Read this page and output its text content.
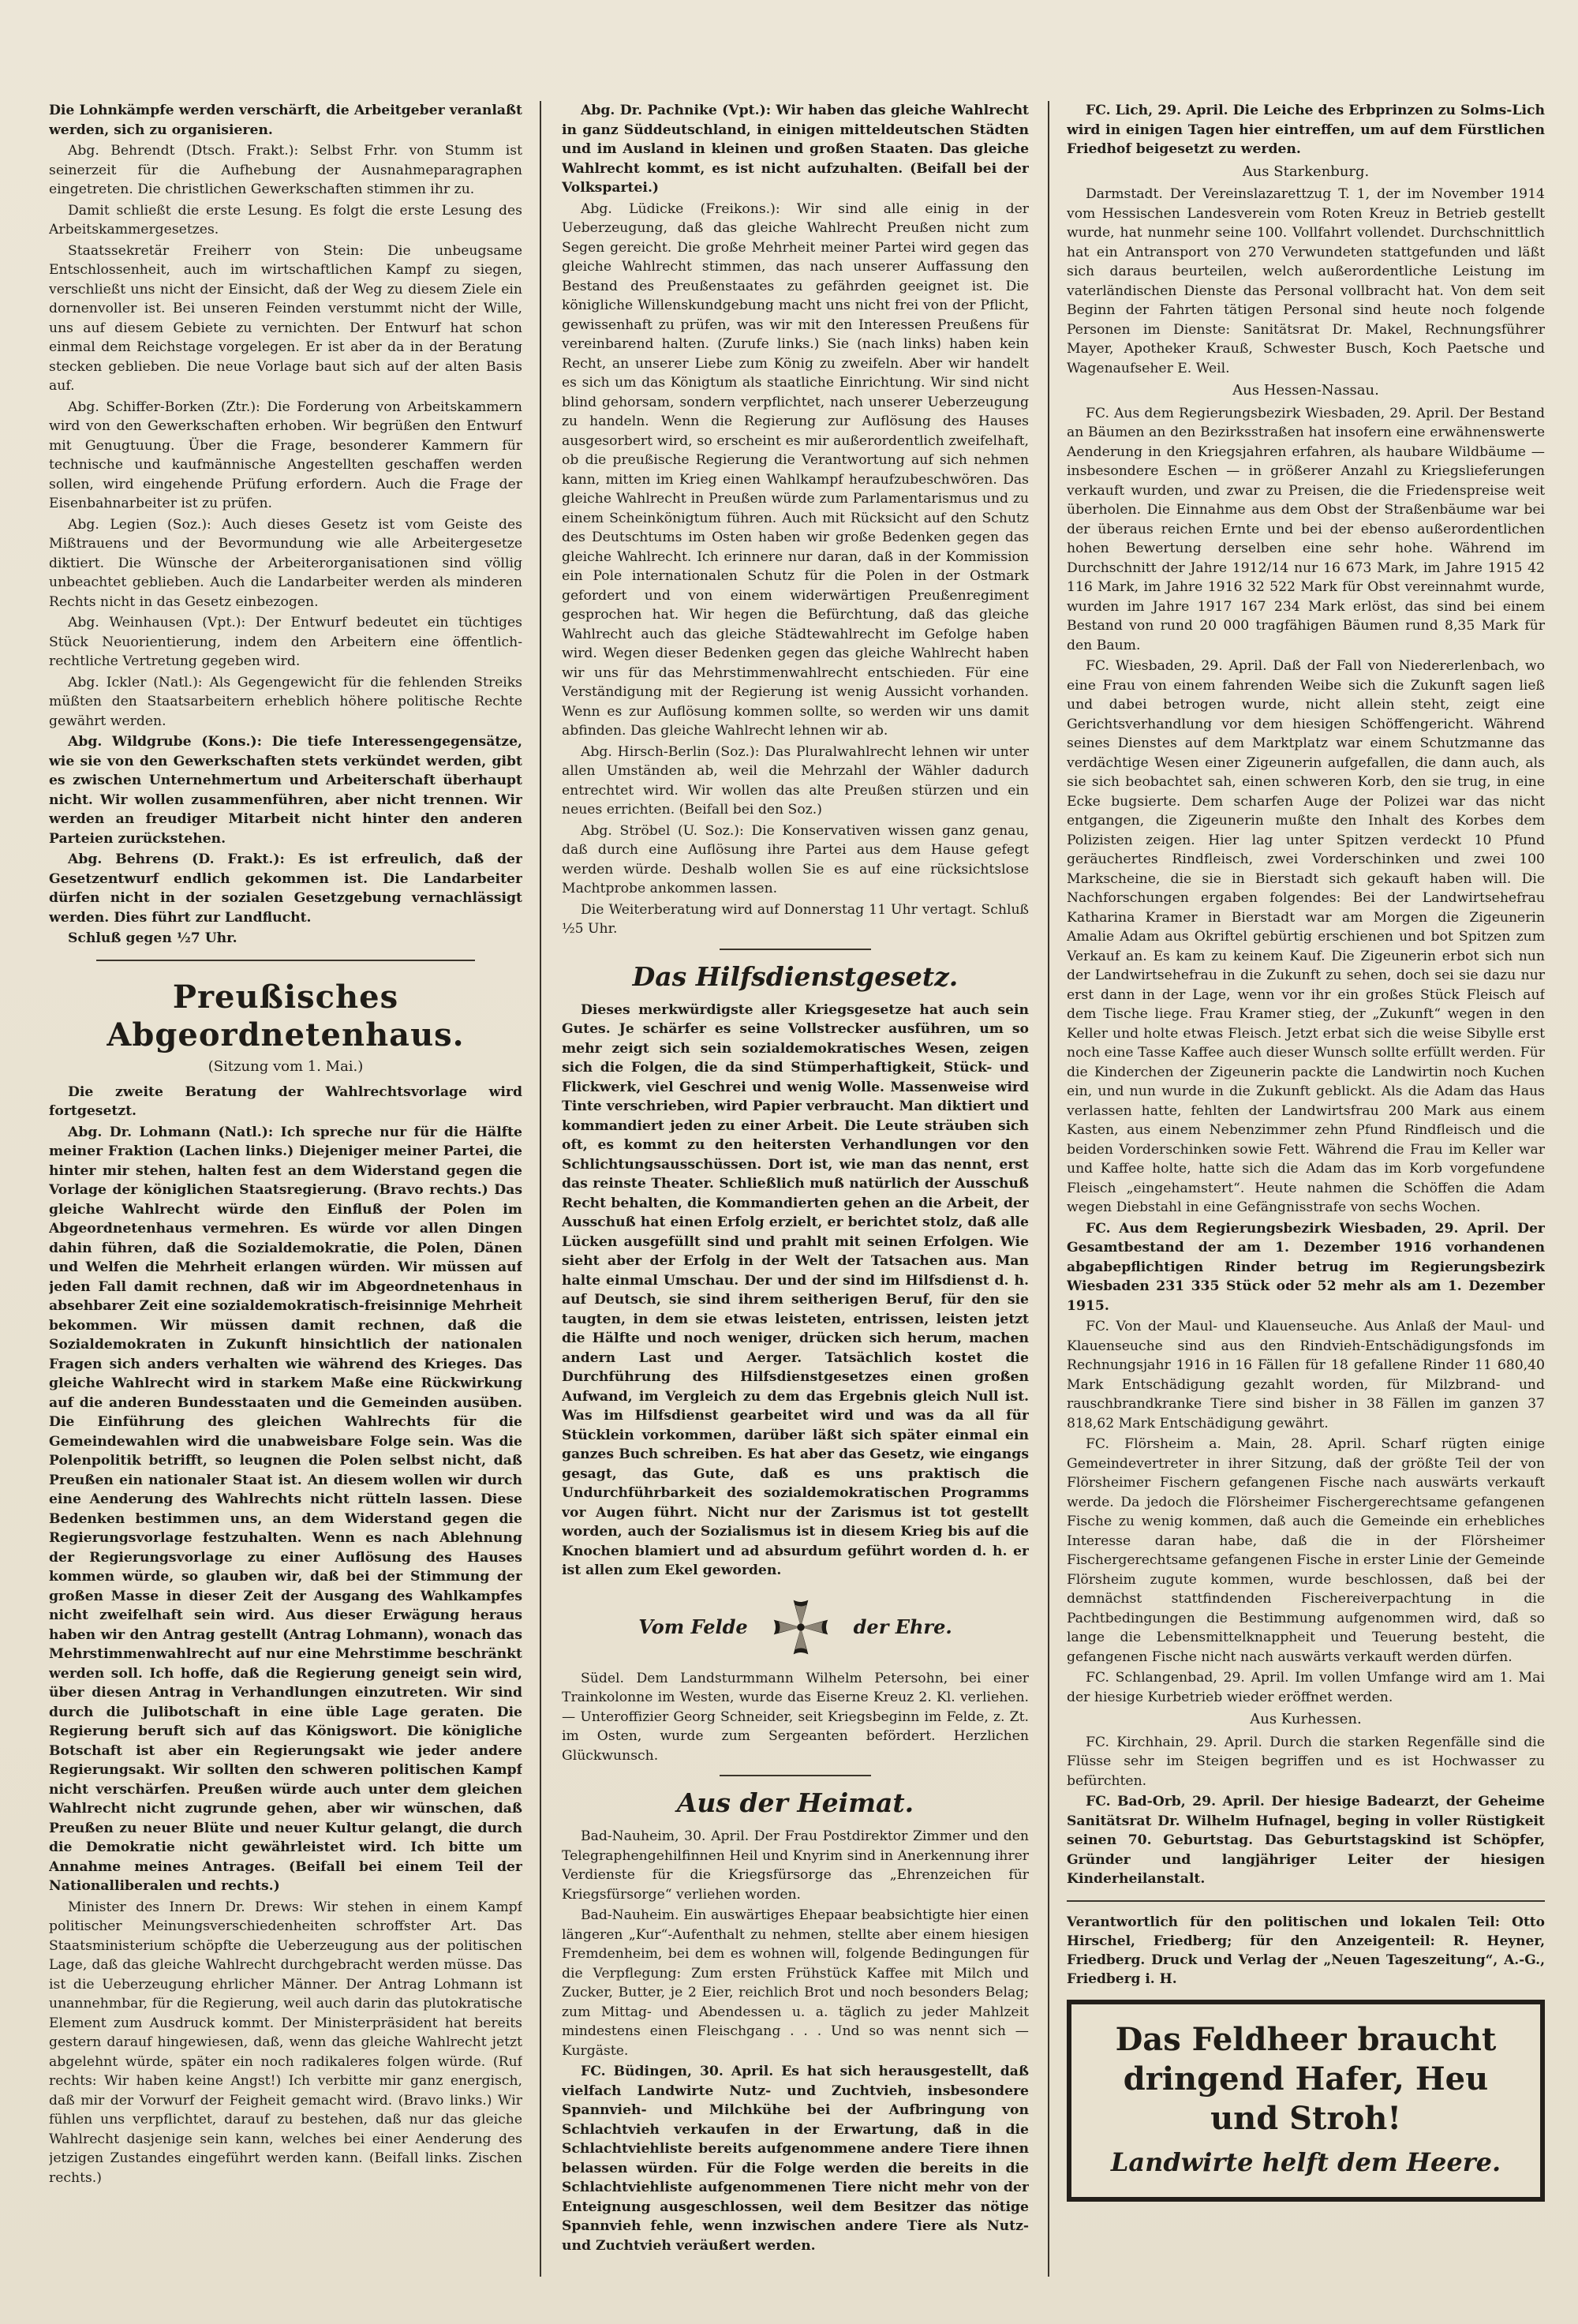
Die Lohnkämpfe werden verschärft, die Arbeitgeber veranlaßt werden, sich zu organisieren.

Abg. Behrendt (Dtsch. Frakt.): Selbst Frhr. von Stumm ist seinerzeit für die Aufhebung der Ausnahmeparagraphen eingetreten. Die christlichen Gewerkschaften stimmen ihr zu.

Damit schließt die erste Lesung. Es folgt die erste Lesung des Arbeitskammergesetzes.

Staatssekretär Freiherr von Stein: Die unbeugsame Entschlossenheit, auch im wirtschaftlichen Kampf zu siegen, verschließt uns nicht der Einsicht, daß der Weg zu diesem Ziele ein dornenvoller ist. Bei unseren Feinden verstummt nicht der Wille, uns auf diesem Gebiete zu vernichten. Der Entwurf hat schon einmal dem Reichstage vorgelegen. Er ist aber da in der Beratung stecken geblieben. Die neue Vorlage baut sich auf der alten Basis auf.

Abg. Schiffer-Borken (Ztr.): Die Forderung von Arbeitskammern wird von den Gewerkschaften erhoben. Wir begrüßen den Entwurf mit Genugtuung. Über die Frage, besonderer Kammern für technische und kaufmännische Angestellten geschaffen werden sollen, wird eingehende Prüfung erfordern. Auch die Frage der Eisenbahnarbeiter ist zu prüfen.

Abg. Legien (Soz.): Auch dieses Gesetz ist vom Geiste des Mißtrauens und der Bevormundung wie alle Arbeitergesetze diktiert. Die Wünsche der Arbeiterorganisationen sind völlig unbeachtet geblieben. Auch die Landarbeiter werden als minderen Rechts nicht in das Gesetz einbezogen.

Abg. Weinhausen (Vpt.): Der Entwurf bedeutet ein tüchtiges Stück Neuorientierung, indem den Arbeitern eine öffentlich-rechtliche Vertretung gegeben wird.

Abg. Ickler (Natl.): Als Gegengewicht für die fehlenden Streiks müßten den Staatsarbeitern erheblich höhere politische Rechte gewährt werden.

Abg. Wildgrube (Kons.): Die tiefe Interessengegensätze, wie sie von den Gewerkschaften stets verkündet werden, gibt es zwischen Unternehmertum und Arbeiterschaft überhaupt nicht. Wir wollen zusammenführen, aber nicht trennen. Wir werden an freudiger Mitarbeit nicht hinter den anderen Parteien zurückstehen.

Abg. Behrens (D. Frakt.): Es ist erfreulich, daß der Gesetzentwurf endlich gekommen ist. Die Landarbeiter dürfen nicht in der sozialen Gesetzgebung vernachlässigt werden. Dies führt zur Landflucht.

Schluß gegen ½7 Uhr.

Preußisches Abgeordnetenhaus.

(Sitzung vom 1. Mai.)

Die zweite Beratung der Wahlrechtsvorlage wird fortgesetzt.

Abg. Dr. Lohmann (Natl.): Ich spreche nur für die Hälfte meiner Fraktion (Lachen links.) Diejeniger meiner Partei, die hinter mir stehen, halten fest an dem Widerstand gegen die Vorlage der königlichen Staatsregierung. (Bravo rechts.) Das gleiche Wahlrecht würde den Einfluß der Polen im Abgeordnetenhaus vermehren. Es würde vor allen Dingen dahin führen, daß die Sozialdemokratie, die Polen, Dänen und Welfen die Mehrheit erlangen würden. Wir müssen auf jeden Fall damit rechnen, daß wir im Abgeordnetenhaus in absehbarer Zeit eine sozialdemokratisch-freisinnige Mehrheit bekommen. Wir müssen damit rechnen, daß die Sozialdemokraten in Zukunft hinsichtlich der nationalen Fragen sich anders verhalten wie während des Krieges. Das gleiche Wahlrecht wird in starkem Maße eine Rückwirkung auf die anderen Bundesstaaten und die Gemeinden ausüben. Die Einführung des gleichen Wahlrechts für die Gemeindewahlen wird die unabweisbare Folge sein. Was die Polenpolitik betrifft, so leugnen die Polen selbst nicht, daß Preußen ein nationaler Staat ist. An diesem wollen wir durch eine Aenderung des Wahlrechts nicht rütteln lassen. Diese Bedenken bestimmen uns, an dem Widerstand gegen die Regierungsvorlage festzuhalten. Wenn es nach Ablehnung der Regierungsvorlage zu einer Auflösung des Hauses kommen würde, so glauben wir, daß bei der Stimmung der großen Masse in dieser Zeit der Ausgang des Wahlkampfes nicht zweifelhaft sein wird. Aus dieser Erwägung heraus haben wir den Antrag gestellt (Antrag Lohmann), wonach das Mehrstimmenwahlrecht auf nur eine Mehrstimme beschränkt werden soll. Ich hoffe, daß die Regierung geneigt sein wird, über diesen Antrag in Verhandlungen einzutreten. Wir sind durch die Julibotschaft in eine üble Lage geraten. Die Regierung beruft sich auf das Königswort. Die königliche Botschaft ist aber ein Regierungsakt wie jeder andere Regierungsakt. Wir sollten den schweren politischen Kampf nicht verschärfen. Preußen würde auch unter dem gleichen Wahlrecht nicht zugrunde gehen, aber wir wünschen, daß Preußen zu neuer Blüte und neuer Kultur gelangt, die durch die Demokratie nicht gewährleistet wird. Ich bitte um Annahme meines Antrages. (Beifall bei einem Teil der Nationalliberalen und rechts.)

Minister des Innern Dr. Drews: Wir stehen in einem Kampf politischer Meinungsverschiedenheiten schroffster Art. Das Staatsministerium schöpfte die Ueberzeugung aus der politischen Lage, daß das gleiche Wahlrecht durchgebracht werden müsse. Das ist die Ueberzeugung ehrlicher Männer. Der Antrag Lohmann ist unannehmbar, für die Regierung, weil auch darin das plutokratische Element zum Ausdruck kommt. Der Ministerpräsident hat bereits gestern darauf hingewiesen, daß, wenn das gleiche Wahlrecht jetzt abgelehnt würde, später ein noch radikaleres folgen würde. (Ruf rechts: Wir haben keine Angst!) Ich verbitte mir ganz energisch, daß mir der Vorwurf der Feigheit gemacht wird. (Bravo links.) Wir fühlen uns verpflichtet, darauf zu bestehen, daß nur das gleiche Wahlrecht dasjenige sein kann, welches bei einer Aenderung des jetzigen Zustandes eingeführt werden kann. (Beifall links. Zischen rechts.)

Abg. Dr. Pachnike (Vpt.): Wir haben das gleiche Wahlrecht in ganz Süddeutschland, in einigen mitteldeutschen Städten und im Ausland in kleinen und großen Staaten. Das gleiche Wahlrecht kommt, es ist nicht aufzuhalten. (Beifall bei der Volkspartei.)

Abg. Lüdicke (Freikons.): Wir sind alle einig in der Ueberzeugung, daß das gleiche Wahlrecht Preußen nicht zum Segen gereicht. Die große Mehrheit meiner Partei wird gegen das gleiche Wahlrecht stimmen, das nach unserer Auffassung den Bestand des Preußenstaates zu gefährden geeignet ist. Die königliche Willenskundgebung macht uns nicht frei von der Pflicht, gewissenhaft zu prüfen, was wir mit den Interessen Preußens für vereinbarend halten. (Zurufe links.) Sie (nach links) haben kein Recht, an unserer Liebe zum König zu zweifeln. Aber wir handelt es sich um das Königtum als staatliche Einrichtung. Wir sind nicht blind gehorsam, sondern verpflichtet, nach unserer Ueberzeugung zu handeln. Wenn die Regierung zur Auflösung des Hauses ausgesorbert wird, so erscheint es mir außerordentlich zweifelhaft, ob die preußische Regierung die Verantwortung auf sich nehmen kann, mitten im Krieg einen Wahlkampf heraufzubeschwören. Das gleiche Wahlrecht in Preußen würde zum Parlamentarismus und zu einem Scheinkönigtum führen. Auch mit Rücksicht auf den Schutz des Deutschtums im Osten haben wir große Bedenken gegen das gleiche Wahlrecht. Ich erinnere nur daran, daß in der Kommission ein Pole internationalen Schutz für die Polen in der Ostmark gefordert und von einem widerwärtigen Preußenregiment gesprochen hat. Wir hegen die Befürchtung, daß das gleiche Wahlrecht auch das gleiche Städtewahlrecht im Gefolge haben wird. Wegen dieser Bedenken gegen das gleiche Wahlrecht haben wir uns für das Mehrstimmenwahlrecht entschieden. Für eine Verständigung mit der Regierung ist wenig Aussicht vorhanden. Wenn es zur Auflösung kommen sollte, so werden wir uns damit abfinden. Das gleiche Wahlrecht lehnen wir ab.

Abg. Hirsch-Berlin (Soz.): Das Pluralwahlrecht lehnen wir unter allen Umständen ab, weil die Mehrzahl der Wähler dadurch entrechtet wird. Wir wollen das alte Preußen stürzen und ein neues errichten. (Beifall bei den Soz.)

Abg. Ströbel (U. Soz.): Die Konservativen wissen ganz genau, daß durch eine Auflösung ihre Partei aus dem Hause gefegt werden würde. Deshalb wollen Sie es auf eine rücksichtslose Machtprobe ankommen lassen.

Die Weiterberatung wird auf Donnerstag 11 Uhr vertagt. Schluß ½5 Uhr.

Das Hilfsdienstgesetz.

Dieses merkwürdigste aller Kriegsgesetze hat auch sein Gutes. Je schärfer es seine Vollstrecker ausführen, um so mehr zeigt sich sein sozialdemokratisches Wesen, zeigen sich die Folgen, die da sind Stümperhaftigkeit, Stück- und Flickwerk, viel Geschrei und wenig Wolle. Massenweise wird Tinte verschrieben, wird Papier verbraucht. Man diktiert und kommandiert jeden zu einer Arbeit. Die Leute sträuben sich oft, es kommt zu den heitersten Verhandlungen vor den Schlichtungsausschüssen. Dort ist, wie man das nennt, erst das reinste Theater. Schließlich muß natürlich der Ausschuß Recht behalten, die Kommandierten gehen an die Arbeit, der Ausschuß hat einen Erfolg erzielt, er berichtet stolz, daß alle Lücken ausgefüllt sind und prahlt mit seinen Erfolgen. Wie sieht aber der Erfolg in der Welt der Tatsachen aus. Man halte einmal Umschau. Der und der sind im Hilfsdienst d. h. auf Deutsch, sie sind ihrem seitherigen Beruf, für den sie taugten, in dem sie etwas leisteten, entrissen, leisten jetzt die Hälfte und noch weniger, drücken sich herum, machen andern Last und Aerger. Tatsächlich kostet die Durchführung des Hilfsdienstgesetzes einen großen Aufwand, im Vergleich zu dem das Ergebnis gleich Null ist. Was im Hilfsdienst gearbeitet wird und was da all für Stücklein vorkommen, darüber läßt sich später einmal ein ganzes Buch schreiben. Es hat aber das Gesetz, wie eingangs gesagt, das Gute, daß es uns praktisch die Undurchführbarkeit des sozialdemokratischen Programms vor Augen führt. Nicht nur der Zarismus ist tot gestellt worden, auch der Sozialismus ist in diesem Krieg bis auf die Knochen blamiert und ad absurdum geführt worden d. h. er ist allen zum Ekel geworden.

Vom Felde	der Ehre.

Südel. Dem Landsturmmann Wilhelm Petersohn, bei einer Trainkolonne im Westen, wurde das Eiserne Kreuz 2. Kl. verliehen. — Unteroffizier Georg Schneider, seit Kriegsbeginn im Felde, z. Zt. im Osten, wurde zum Sergeanten befördert. Herzlichen Glückwunsch.

Aus der Heimat.

Bad-Nauheim, 30. April. Der Frau Postdirektor Zimmer und den Telegraphengehilfinnen Heil und Knyrim sind in Anerkennung ihrer Verdienste für die Kriegsfürsorge das „Ehrenzeichen für Kriegsfürsorge“ verliehen worden.

Bad-Nauheim. Ein auswärtiges Ehepaar beabsichtigte hier einen längeren „Kur“-Aufenthalt zu nehmen, stellte aber einem hiesigen Fremdenheim, bei dem es wohnen will, folgende Bedingungen für die Verpflegung: Zum ersten Frühstück Kaffee mit Milch und Zucker, Butter, je 2 Eier, reichlich Brot und noch besonders Belag; zum Mittag- und Abendessen u. a. täglich zu jeder Mahlzeit mindestens einen Fleischgang . . . Und so was nennt sich — Kurgäste.

FC. Büdingen, 30. April. Es hat sich herausgestellt, daß vielfach Landwirte Nutz- und Zuchtvieh, insbesondere Spannvieh- und Milchkühe bei der Aufbringung von Schlachtvieh verkaufen in der Erwartung, daß in die Schlachtviehliste bereits aufgenommene andere Tiere ihnen belassen würden. Für die Folge werden die bereits in die Schlachtviehliste aufgenommenen Tiere nicht mehr von der Enteignung ausgeschlossen, weil dem Besitzer das nötige Spannvieh fehle, wenn inzwischen andere Tiere als Nutz- und Zuchtvieh veräußert werden.

FC. Lich, 29. April. Die Leiche des Erbprinzen zu Solms-Lich wird in einigen Tagen hier eintreffen, um auf dem Fürstlichen Friedhof beigesetzt zu werden.

Aus Starkenburg.

Darmstadt. Der Vereinslazarettzug T. 1, der im November 1914 vom Hessischen Landesverein vom Roten Kreuz in Betrieb gestellt wurde, hat nunmehr seine 100. Vollfahrt vollendet. Durchschnittlich hat ein Antransport von 270 Verwundeten stattgefunden und läßt sich daraus beurteilen, welch außerordentliche Leistung im vaterländischen Dienste das Personal vollbracht hat. Von dem seit Beginn der Fahrten tätigen Personal sind heute noch folgende Personen im Dienste: Sanitätsrat Dr. Makel, Rechnungsführer Mayer, Apotheker Krauß, Schwester Busch, Koch Paetsche und Wagenaufseher E. Weil.

Aus Hessen-Nassau.

FC. Aus dem Regierungsbezirk Wiesbaden, 29. April. Der Bestand an Bäumen an den Bezirksstraßen hat insofern eine erwähnenswerte Aenderung in den Kriegsjahren erfahren, als haubare Wildbäume — insbesondere Eschen — in größerer Anzahl zu Kriegslieferungen verkauft wurden, und zwar zu Preisen, die die Friedenspreise weit überholen. Die Einnahme aus dem Obst der Straßenbäume war bei der überaus reichen Ernte und bei der ebenso außerordentlichen hohen Bewertung derselben eine sehr hohe. Während im Durchschnitt der Jahre 1912/14 nur 16 673 Mark, im Jahre 1915 42 116 Mark, im Jahre 1916 32 522 Mark für Obst vereinnahmt wurde, wurden im Jahre 1917 167 234 Mark erlöst, das sind bei einem Bestand von rund 20 000 tragfähigen Bäumen rund 8,35 Mark für den Baum.

FC. Wiesbaden, 29. April. Daß der Fall von Niedererlenbach, wo eine Frau von einem fahrenden Weibe sich die Zukunft sagen ließ und dabei betrogen wurde, nicht allein steht, zeigt eine Gerichtsverhandlung vor dem hiesigen Schöffengericht. Während seines Dienstes auf dem Marktplatz war einem Schutzmanne das verdächtige Wesen einer Zigeunerin aufgefallen, die dann auch, als sie sich beobachtet sah, einen schweren Korb, den sie trug, in eine Ecke bugsierte. Dem scharfen Auge der Polizei war das nicht entgangen, die Zigeunerin mußte den Inhalt des Korbes dem Polizisten zeigen. Hier lag unter Spitzen verdeckt 10 Pfund geräuchertes Rindfleisch, zwei Vorderschinken und zwei 100 Markscheine, die sie in Bierstadt sich gekauft haben will. Die Nachforschungen ergaben folgendes: Bei der Landwirtsehefrau Katharina Kramer in Bierstadt war am Morgen die Zigeunerin Amalie Adam aus Okriftel gebürtig erschienen und bot Spitzen zum Verkauf an. Es kam zu keinem Kauf. Die Zigeunerin erbot sich nun der Landwirtsehefrau in die Zukunft zu sehen, doch sei sie dazu nur erst dann in der Lage, wenn vor ihr ein großes Stück Fleisch auf dem Tische liege. Frau Kramer stieg, der „Zukunft“ wegen in den Keller und holte etwas Fleisch. Jetzt erbat sich die weise Sibylle erst noch eine Tasse Kaffee auch dieser Wunsch sollte erfüllt werden. Für die Kinderchen der Zigeunerin packte die Landwirtin noch Kuchen ein, und nun wurde in die Zukunft geblickt. Als die Adam das Haus verlassen hatte, fehlten der Landwirtsfrau 200 Mark aus einem Kasten, aus einem Nebenzimmer zehn Pfund Rindfleisch und die beiden Vorderschinken sowie Fett. Während die Frau im Keller war und Kaffee holte, hatte sich die Adam das im Korb vorgefundene Fleisch „eingehamstert“. Heute nahmen die Schöffen die Adam wegen Diebstahl in eine Gefängnisstrafe von sechs Wochen.

FC. Aus dem Regierungsbezirk Wiesbaden, 29. April. Der Gesamtbestand der am 1. Dezember 1916 vorhandenen abgabepflichtigen Rinder betrug im Regierungsbezirk Wiesbaden 231 335 Stück oder 52 mehr als am 1. Dezember 1915.

FC. Von der Maul- und Klauenseuche. Aus Anlaß der Maul- und Klauenseuche sind aus den Rindvieh-Entschädigungsfonds im Rechnungsjahr 1916 in 16 Fällen für 18 gefallene Rinder 11 680,40 Mark Entschädigung gezahlt worden, für Milzbrand- und rauschbrandkranke Tiere sind bisher in 38 Fällen im ganzen 37 818,62 Mark Entschädigung gewährt.

FC. Flörsheim a. Main, 28. April. Scharf rügten einige Gemeindevertreter in ihrer Sitzung, daß der größte Teil der von Flörsheimer Fischern gefangenen Fische nach auswärts verkauft werde. Da jedoch die Flörsheimer Fischergerechtsame gefangenen Fische zu wenig kommen, daß auch die Gemeinde ein erhebliches Interesse daran habe, daß die in der Flörsheimer Fischergerechtsame gefangenen Fische in erster Linie der Gemeinde Flörsheim zugute kommen, wurde beschlossen, daß bei der demnächst stattfindenden Fischereiverpachtung in die Pachtbedingungen die Bestimmung aufgenommen wird, daß so lange die Lebensmittelknappheit und Teuerung besteht, die gefangenen Fische nicht nach auswärts verkauft werden dürfen.

FC. Schlangenbad, 29. April. Im vollen Umfange wird am 1. Mai der hiesige Kurbetrieb wieder eröffnet werden.

Aus Kurhessen.

FC. Kirchhain, 29. April. Durch die starken Regenfälle sind die Flüsse sehr im Steigen begriffen und es ist Hochwasser zu befürchten.

FC. Bad-Orb, 29. April. Der hiesige Badearzt, der Geheime Sanitätsrat Dr. Wilhelm Hufnagel, beging in voller Rüstigkeit seinen 70. Geburtstag. Das Geburtstagskind ist Schöpfer, Gründer und langjähriger Leiter der hiesigen Kinderheilanstalt.

Verantwortlich für den politischen und lokalen Teil: Otto Hirschel, Friedberg; für den Anzeigenteil: R. Heyner, Friedberg. Druck und Verlag der „Neuen Tageszeitung“, A.-G., Friedberg i. H.

Das Feldheer braucht
dringend Hafer, Heu
und Stroh!
Landwirte helft dem Heere.
